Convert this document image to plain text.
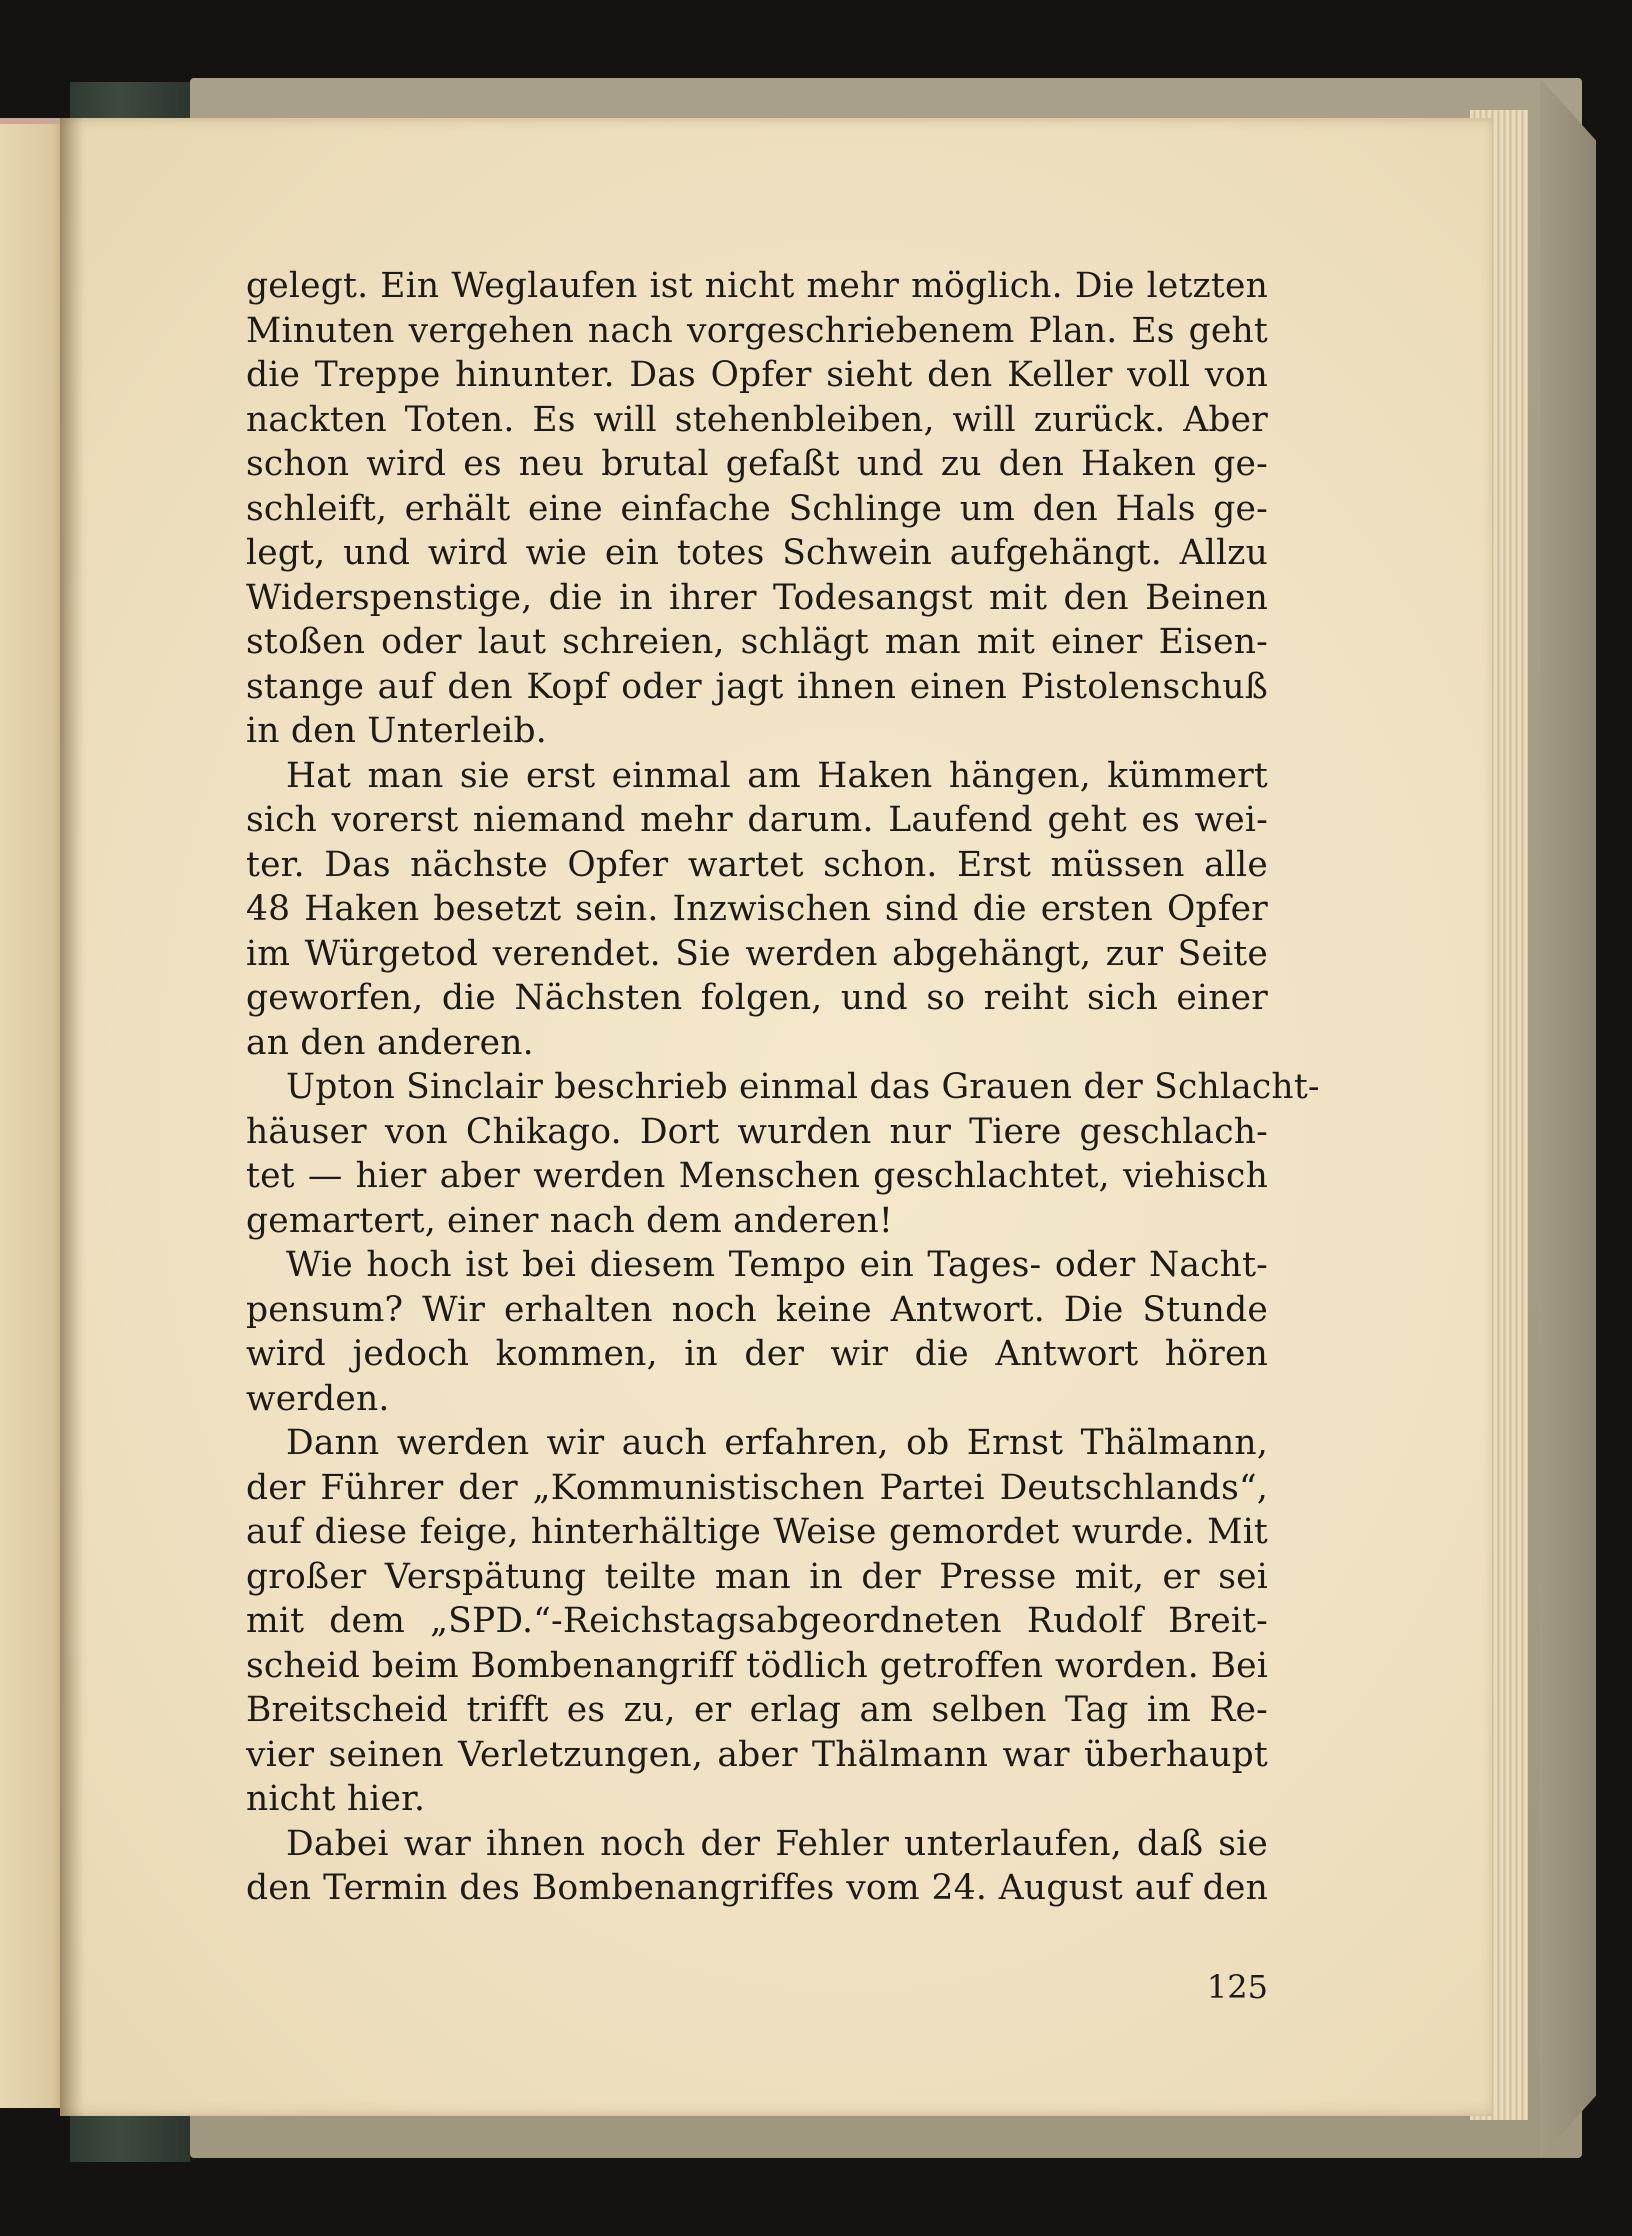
gelegt. Ein Weglaufen ist nicht mehr möglich. Die letzten
Minuten vergehen nach vorgeschriebenem Plan. Es geht
die Treppe hinunter. Das Opfer sieht den Keller voll von
nackten Toten. Es will stehenbleiben, will zurück. Aber
schon wird es neu brutal gefaßt und zu den Haken ge-
schleift, erhält eine einfache Schlinge um den Hals ge-
legt, und wird wie ein totes Schwein aufgehängt. Allzu
Widerspenstige, die in ihrer Todesangst mit den Beinen
stoßen oder laut schreien, schlägt man mit einer Eisen-
stange auf den Kopf oder jagt ihnen einen Pistolenschuß
in den Unterleib.
Hat man sie erst einmal am Haken hängen, kümmert
sich vorerst niemand mehr darum. Laufend geht es wei-
ter. Das nächste Opfer wartet schon. Erst müssen alle
48 Haken besetzt sein. Inzwischen sind die ersten Opfer
im Würgetod verendet. Sie werden abgehängt, zur Seite
geworfen, die Nächsten folgen, und so reiht sich einer
an den anderen.
Upton Sinclair beschrieb einmal das Grauen der Schlacht-
häuser von Chikago. Dort wurden nur Tiere geschlach-
tet — hier aber werden Menschen geschlachtet, viehisch
gemartert, einer nach dem anderen!
Wie hoch ist bei diesem Tempo ein Tages- oder Nacht-
pensum? Wir erhalten noch keine Antwort. Die Stunde
wird jedoch kommen, in der wir die Antwort hören
werden.
Dann werden wir auch erfahren, ob Ernst Thälmann,
der Führer der „Kommunistischen Partei Deutschlands“,
auf diese feige, hinterhältige Weise gemordet wurde. Mit
großer Verspätung teilte man in der Presse mit, er sei
mit dem „SPD.“-Reichstagsabgeordneten Rudolf Breit-
scheid beim Bombenangriff tödlich getroffen worden. Bei
Breitscheid trifft es zu, er erlag am selben Tag im Re-
vier seinen Verletzungen, aber Thälmann war überhaupt
nicht hier.
Dabei war ihnen noch der Fehler unterlaufen, daß sie
den Termin des Bombenangriffes vom 24. August auf den
125
